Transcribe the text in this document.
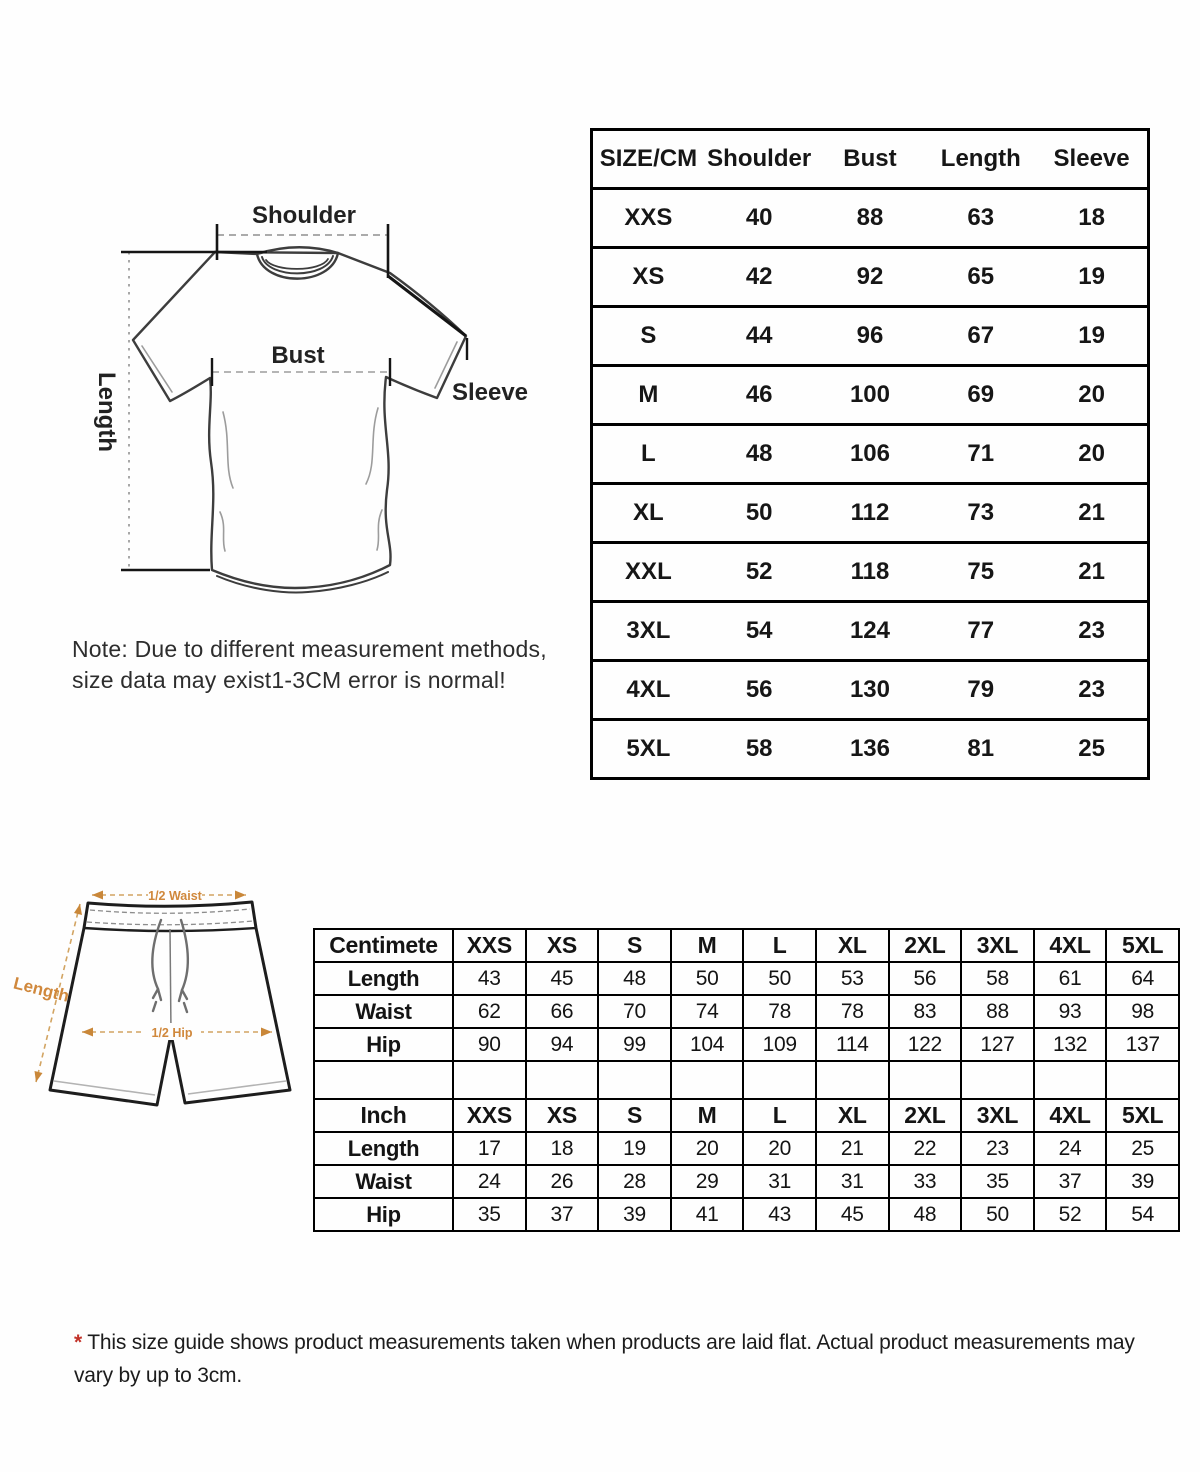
Shoulder
Bust
Length	Sleeve
Note: Due to different measurement methods,
size data may exist1-3CM error is normal!
SIZE/CM	Shoulder	Bust	Length	Sleeve
XXS	40	88	63	18
XS	42	92	65	19
S	44	96	67	19
M	46	100	69	20
L	48	106	71	20
XL	50	112	73	21
XXL	52	118	75	21
3XL	54	124	77	23
4XL	56	130	79	23
5XL	58	136	81	25
1/2 Waist
Length
1/2 Hip
Centimete	XXS	XS	S	M	L	XL	2XL	3XL	4XL	5XL
Length	43	45	48	50	50	53	56	58	61	64
Waist	62	66	70	74	78	78	83	88	93	98
Hip	90	94	99	104	109	114	122	127	132	137

Inch	XXS	XS	S	M	L	XL	2XL	3XL	4XL	5XL
Length	17	18	19	20	20	21	22	23	24	25
Waist	24	26	28	29	31	31	33	35	37	39
Hip	35	37	39	41	43	45	48	50	52	54
* This size guide shows product measurements taken when products are laid flat. Actual product measurements may vary by up to 3cm.
